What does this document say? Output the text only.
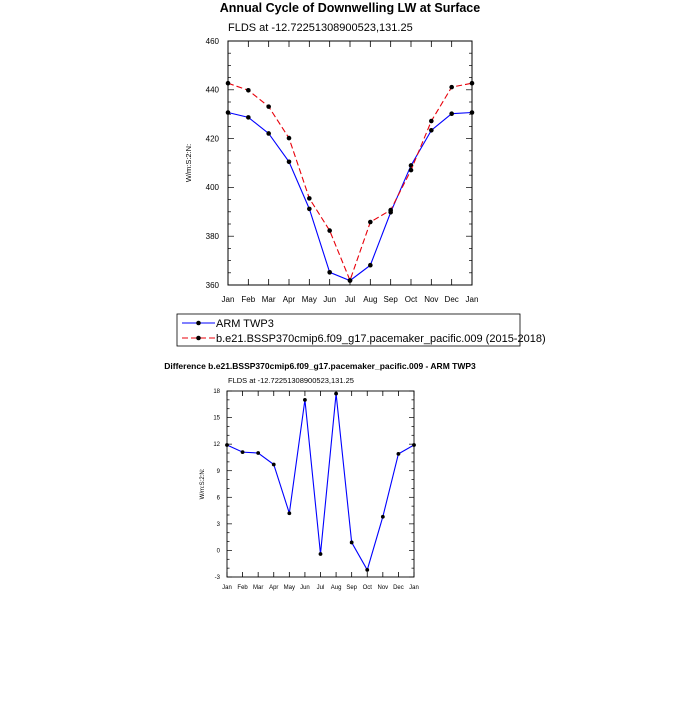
Annual Cycle of Downwelling LW at Surface
FLDS at -12.72251308900523,131.25
W/m:S:2:N:
Jan Feb Mar Apr May Jun Jul Aug Sep Oct Nov Dec Jan
360
380
400
420
440
460
ARM TWP3
b.e21.BSSP370cmip6.f09_g17.pacemaker_pacific.009 (2015-2018)
Difference b.e21.BSSP370cmip6.f09_g17.pacemaker_pacific.009 - ARM TWP3
FLDS at -12.72251308900523,131.25
W/m:S:2:N:
Jan Feb Mar Apr May Jun Jul Aug Sep Oct Nov Dec Jan
-3
0
3
6
9
12
15
18
